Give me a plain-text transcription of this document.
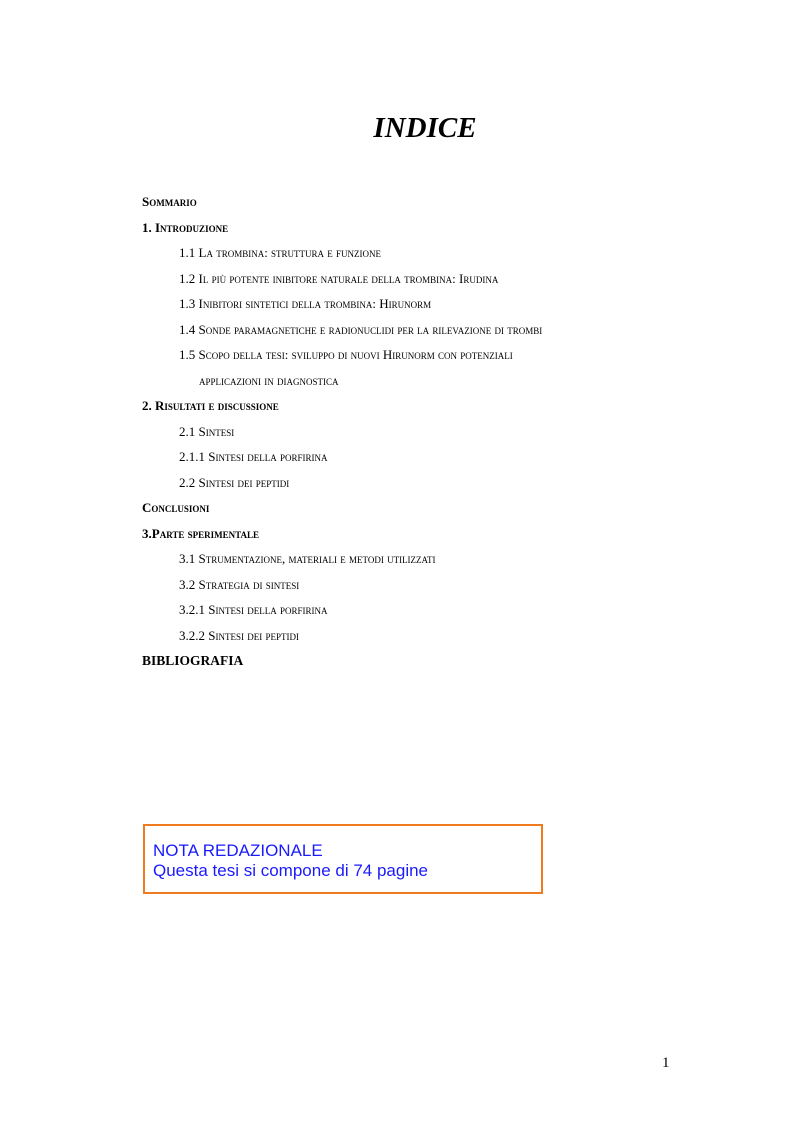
INDICE
Sommario
1. Introduzione
1.1 La trombina: struttura e funzione
1.2 Il più potente inibitore naturale della trombina: Irudina
1.3 Inibitori sintetici della trombina: Hirunorm
1.4 Sonde paramagnetiche e radionuclidi per la rilevazione di trombi
1.5 Scopo della tesi: sviluppo di nuovi Hirunorm con potenziali
applicazioni in diagnostica
2. Risultati e discussione
2.1 Sintesi
2.1.1 Sintesi della porfirina
2.2 Sintesi dei peptidi
Conclusioni
3.Parte sperimentale
3.1 Strumentazione, materiali e metodi utilizzati
3.2 Strategia di sintesi
3.2.1 Sintesi della porfirina
3.2.2 Sintesi dei peptidi
BIBLIOGRAFIA
NOTA REDAZIONALE
Questa tesi si compone di 74 pagine
1
